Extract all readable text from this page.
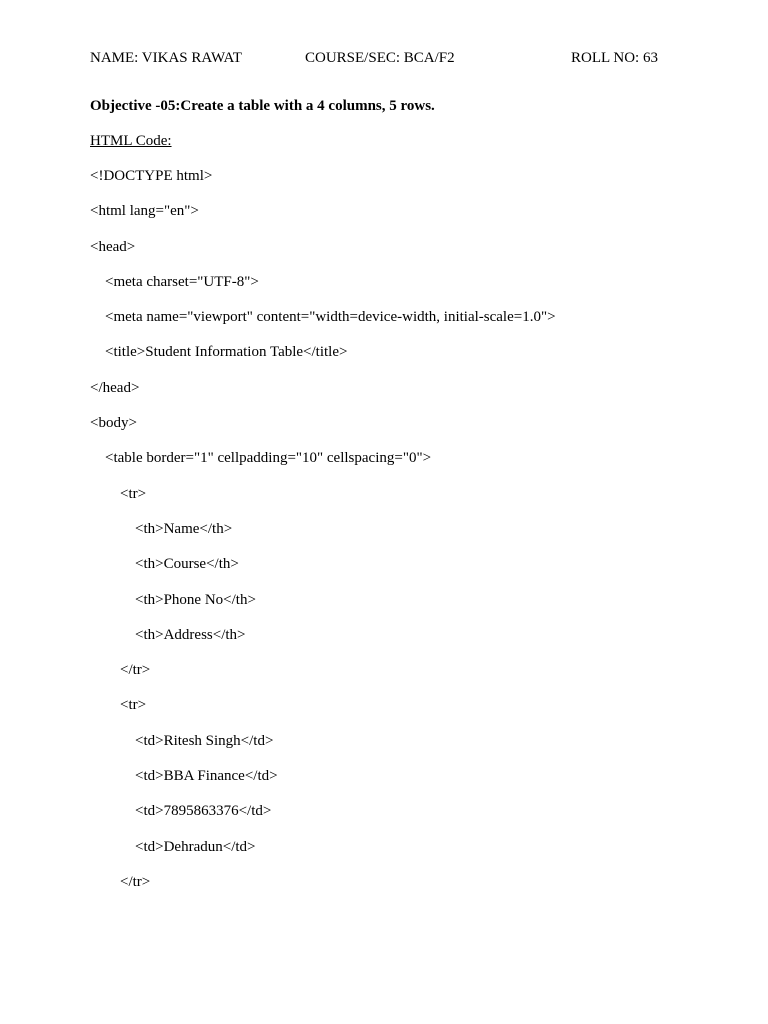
NAME: VIKAS RAWAT	COURSE/SEC: BCA/F2	ROLL NO: 63
Objective -05:Create a table with a 4 columns, 5 rows.
HTML Code:
<!DOCTYPE html>
<html lang="en">
<head>
<meta charset="UTF-8">
<meta name="viewport" content="width=device-width, initial-scale=1.0">
<title>Student Information Table</title>
</head>
<body>
<table border="1" cellpadding="10" cellspacing="0">
<tr>
<th>Name</th>
<th>Course</th>
<th>Phone No</th>
<th>Address</th>
</tr>
<tr>
<td>Ritesh Singh</td>
<td>BBA Finance</td>
<td>7895863376</td>
<td>Dehradun</td>
</tr>
